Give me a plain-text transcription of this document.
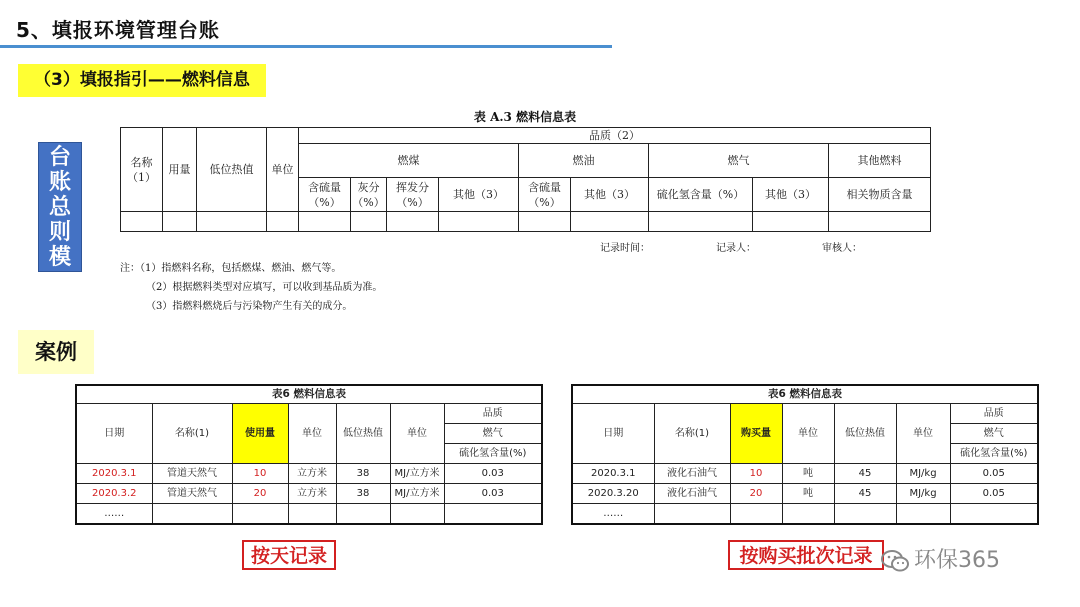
5、填报环境管理台账
（3）填报指引——燃料信息
台
账
总
则
模
表 A.3 燃料信息表
名称（1）	用量	低位热值	单位	品质（2）								
				燃煤				燃油		燃气		其他燃料
				含硫量（%）	灰分（%）	挥发分（%）	其他（3）	含硫量（%）	其他（3）	硫化氢含量（%）	其他（3）	相关物质含量

记录时间：	记录人：	审核人：
注：（1）指燃料名称，包括燃煤、燃油、燃气等。
（2）根据燃料类型对应填写，可以收到基品质为准。
（3）指燃料燃烧后与污染物产生有关的成分。
案例
表6 燃料信息表						
日期	名称(1)	使用量	单位	低位热值	单位	品质
						燃气
						硫化氢含量(%)
2020.3.1	管道天然气	10	立方米	38	MJ/立方米	0.03
2020.3.2	管道天然气	20	立方米	38	MJ/立方米	0.03
……						
表6 燃料信息表						
日期	名称(1)	购买量	单位	低位热值	单位	品质
						燃气
						硫化氢含量(%)
2020.3.1	液化石油气	10	吨	45	MJ/kg	0.05
2020.3.20	液化石油气	20	吨	45	MJ/kg	0.05
……						
按天记录	按购买批次记录	环保365
